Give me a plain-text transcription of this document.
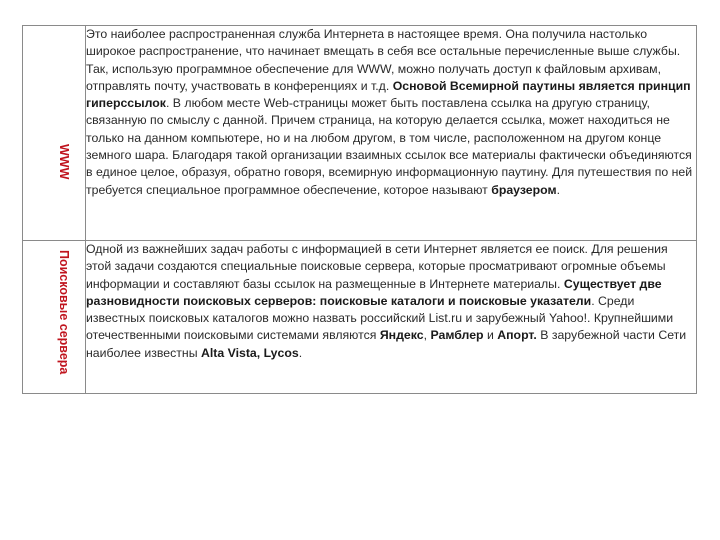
WWW	Это наиболее распространенная служба Интернета в настоящее время. Она получила настолько широкое распространение, что начинает вмещать в себя все остальные перечисленные выше службы. Так, использую программное обеспечение для WWW, можно получать доступ к файловым архивам, отправлять почту, участвовать в конференциях и т.д. Основой Всемирной паутины является принцип гиперссылок. В любом месте Web-страницы может быть поставлена ссылка на другую страницу, связанную по смыслу с данной. Причем страница, на которую делается ссылка, может находиться не только на данном компьютере, но и на любом другом, в том числе, расположенном на другом конце земного шара. Благодаря такой организации взаимных ссылок все материалы фактически объединяются в единое целое, образуя, обратно говоря, всемирную информационную паутину. Для путешествия по ней требуется специальное программное обеспечение, которое называют браузером.

Поисковые сервера	Одной из важнейших задач работы с информацией в сети Интернет является ее поиск. Для решения этой задачи создаются специальные поисковые сервера, которые просматривают огромные объемы информации и составляют базы ссылок на размещенные в Интернете материалы. Существует две разновидности поисковых серверов: поисковые каталоги и поисковые указатели. Среди известных поисковых каталогов можно назвать российский List.ru и зарубежный Yahoo!. Крупнейшими отечественными поисковыми системами являются Яндекс, Рамблер и Апорт. В зарубежной части Сети наиболее известны Alta Vista, Lycos.
